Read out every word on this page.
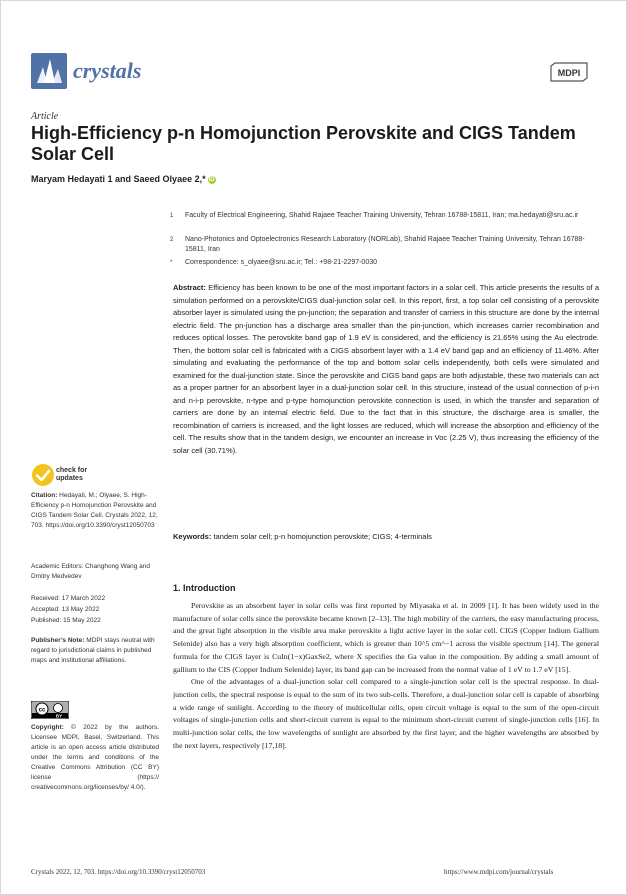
crystals	MDPI
Article
High-Efficiency p-n Homojunction Perovskite and CIGS Tandem Solar Cell
Maryam Hedayati 1 and Saeed Olyaee 2,* iD
1 Faculty of Electrical Engineering, Shahid Rajaee Teacher Training University, Tehran 16788-15811, Iran; ma.hedayati@sru.ac.ir
2 Nano-Photonics and Optoelectronics Research Laboratory (NORLab), Shahid Rajaee Teacher Training University, Tehran 16788-15811, Iran
* Correspondence: s_olyaee@sru.ac.ir; Tel.: +98-21-2297-0030
Abstract: Efficiency has been known to be one of the most important factors in a solar cell. This article presents the results of a simulation performed on a perovskite/CIGS dual-junction solar cell. In this report, first, a top solar cell consisting of a perovskite absorber layer is simulated using the pn-junction; the separation and transfer of carriers in this structure are done by the internal electric field. The pn-junction has a discharge area smaller than the pin-junction, which increases carrier recombination and reduces optical losses. The perovskite band gap of 1.9 eV is considered, and the efficiency is 21.65% using the Au electrode. Then, the bottom solar cell is fabricated with a CIGS absorbent layer with a 1.4 eV band gap and an efficiency of 11.46%. After simulating and evaluating the performance of the top and bottom solar cells independently, both cells were simulated and examined for the dual-junction state. Since the perovskite and CIGS band gaps are both adjustable, these two materials can act as a proper partner for an absorbent layer in a dual-junction solar cell. In this structure, instead of the usual connection of p-i-n and n-i-p perovskite, n-type and p-type homojunction perovskite connection is used, in which the transfer and separation of carriers are done by an internal electric field. Due to the fact that in this structure, the discharge area is smaller, the recombination of carriers is increased, and the light losses are reduced, which will increase the absorption and efficiency of the cell. The results show that in the tandem design, we encounter an increase in Voc (2.25 V), thus increasing the efficiency of the solar cell (30.71%).
Keywords: tandem solar cell; p-n homojunction perovskite; CIGS; 4-terminals
check for updates
Citation: Hedayati, M.; Olyaee, S. High-Efficiency p-n Homojunction Perovskite and CIGS Tandem Solar Cell. Crystals 2022, 12, 703. https://doi.org/10.3390/cryst12050703
Academic Editors: Changhong Wang and Dmitry Medvedev
Received: 17 March 2022
Accepted: 13 May 2022
Published: 15 May 2022
Publisher’s Note: MDPI stays neutral with regard to jurisdictional claims in published maps and institutional affiliations.
cc
BY
Copyright: © 2022 by the authors. Licensee MDPI, Basel, Switzerland. This article is an open access article distributed under the terms and conditions of the Creative Commons Attribution (CC BY) license (https:// creativecommons.org/licenses/by/ 4.0/).
1. Introduction

Perovskite as an absorbent layer in solar cells was first reported by Miyasaka et al. in 2009 [1]. It has been widely used in the manufacture of solar cells since the perovskite became known [2–13]. The high mobility of the carriers, the easy manufacturing process, and the great light absorption in the visible area make perovskite a light active layer in the solar cell. CIGS (Copper Indium Gallium Selenide) also has a very high absorption coefficient, which is greater than 10^5 cm^−1 across the visible spectrum [14]. The general formula for the CIGS layer is CuIn(1−x)GaxSe2, where X specifies the Ga value in the composition. By adding a small amount of gallium to the CIS (Copper Indium Selenide) layer, its band gap can be increased from the normal value of 1 eV to 1.7 eV [15].

One of the advantages of a dual-junction solar cell compared to a single-junction solar cell is the spectral response. In dual-junction cells, the spectral response is equal to the sum of its two sub-cells. Therefore, a dual-junction solar cell is capable of absorbing a wide range of sunlight. According to the theory of multicellular cells, open circuit voltage is equal to the sum of the open-circuit voltages of single-junction cells and short-circuit current is equal to the minimum short-circuit current of single-junction cells [16]. In multi-junction solar cells, the low wavelengths of sunlight are absorbed by the first layer, and the higher wavelengths are absorbed by the next layers, respectively [17,18].

Crystals 2022, 12, 703. https://doi.org/10.3390/cryst12050703	https://www.mdpi.com/journal/crystals
